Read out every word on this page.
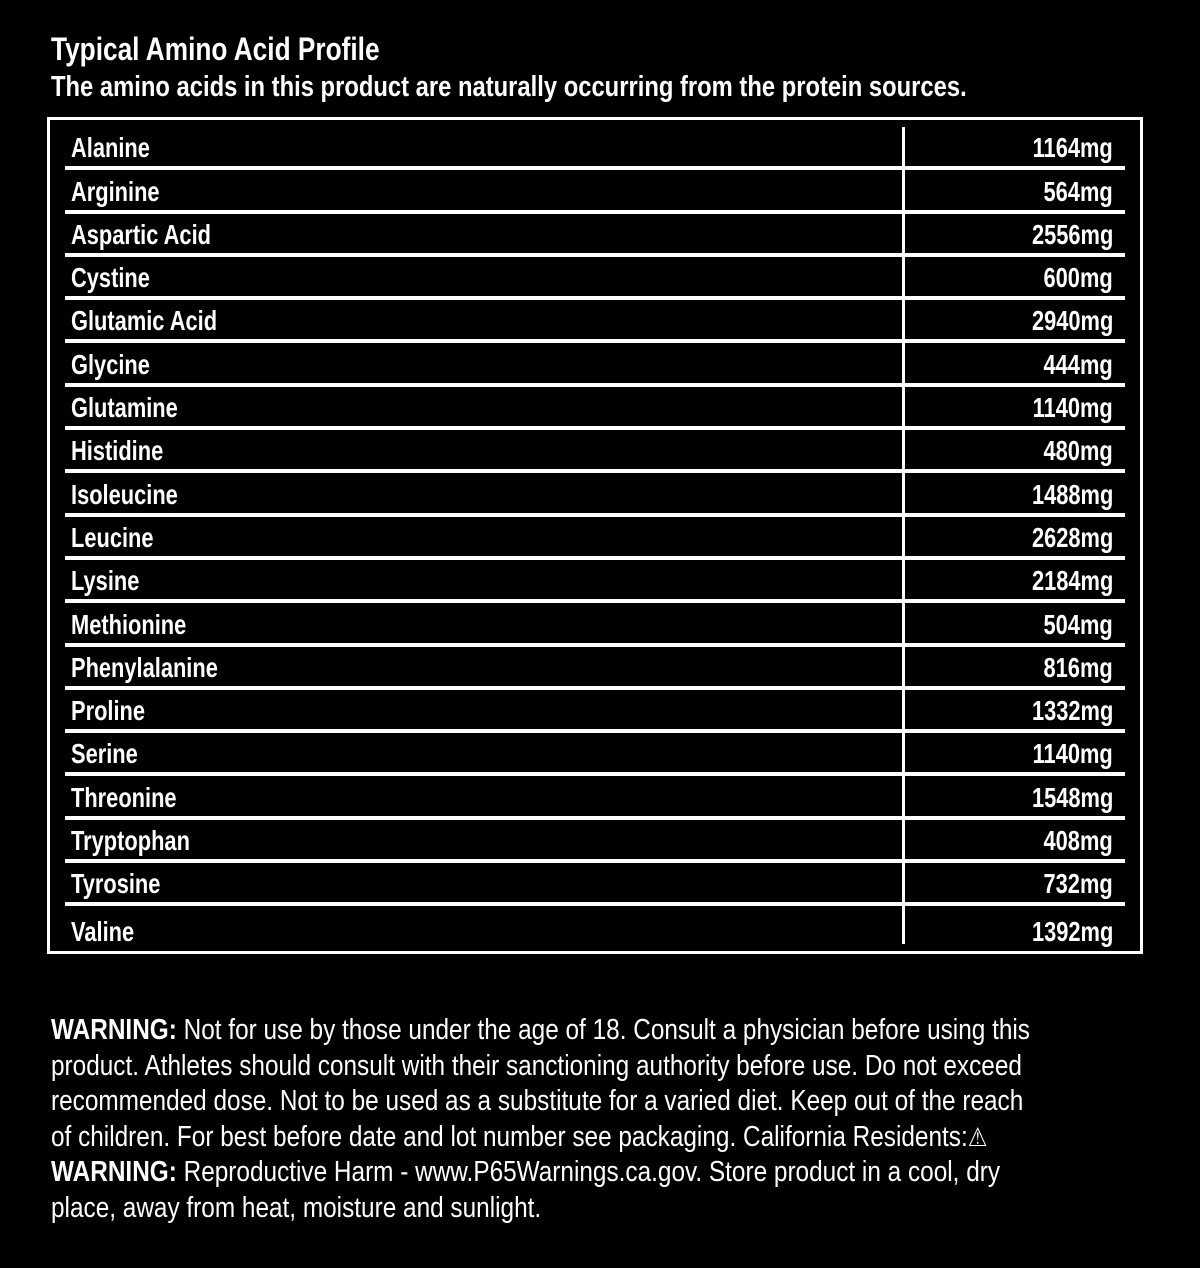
Typical Amino Acid Profile
The amino acids in this product are naturally occurring from the protein sources.
Alanine	1164mg
Arginine	564mg
Aspartic Acid	2556mg
Cystine	600mg
Glutamic Acid	2940mg
Glycine	444mg
Glutamine	1140mg
Histidine	480mg
Isoleucine	1488mg
Leucine	2628mg
Lysine	2184mg
Methionine	504mg
Phenylalanine	816mg
Proline	1332mg
Serine	1140mg
Threonine	1548mg
Tryptophan	408mg
Tyrosine	732mg
Valine	1392mg
WARNING: Not for use by those under the age of 18. Consult a physician before using this
product. Athletes should consult with their sanctioning authority before use. Do not exceed
recommended dose. Not to be used as a substitute for a varied diet. Keep out of the reach
of children. For best before date and lot number see packaging. California Residents:⚠
WARNING: Reproductive Harm - www.P65Warnings.ca.gov. Store product in a cool, dry
place, away from heat, moisture and sunlight.
